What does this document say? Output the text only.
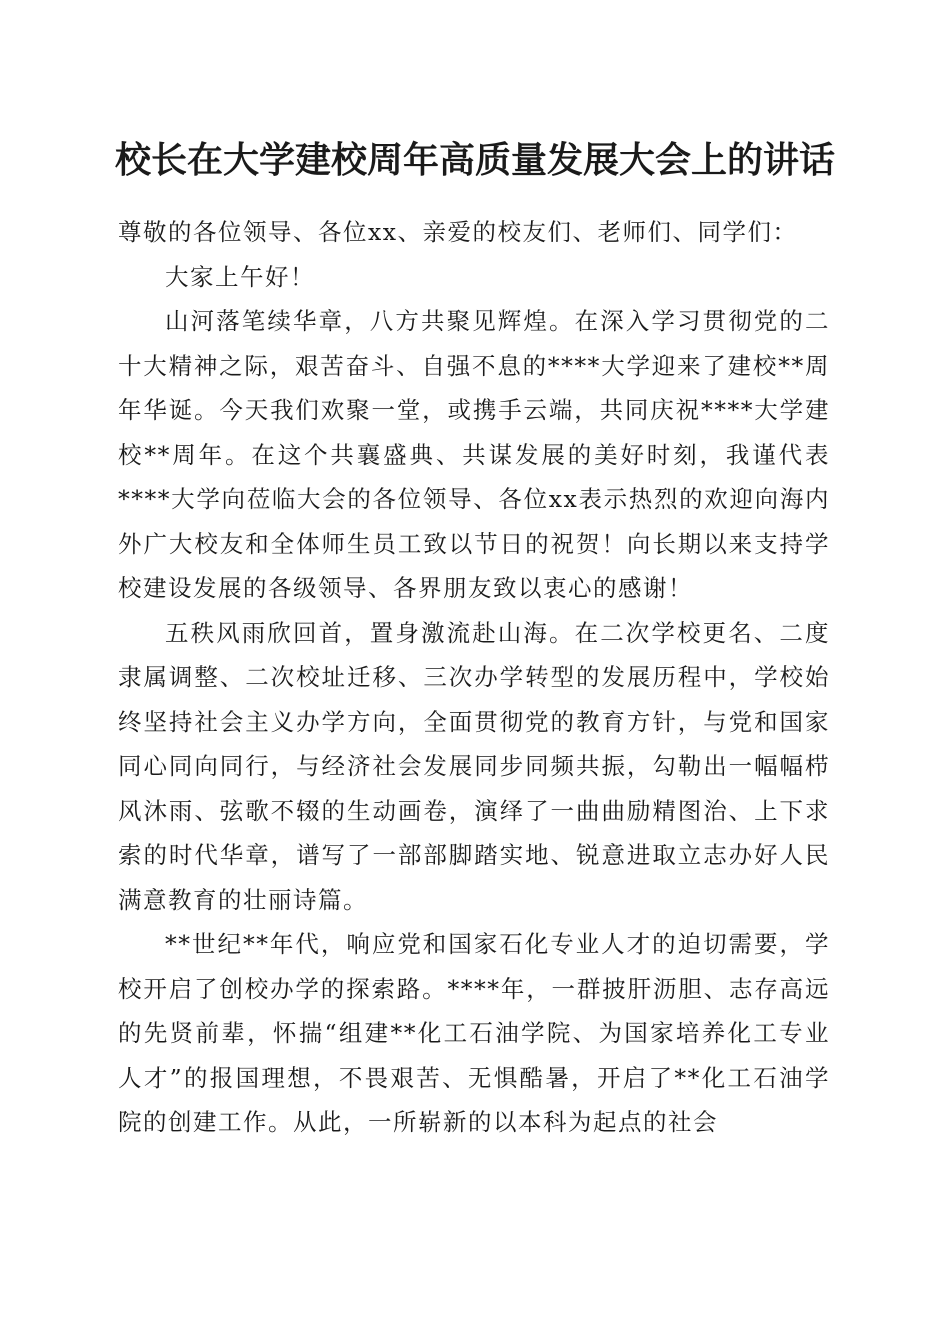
校长在大学建校周年高质量发展大会上的讲话

尊敬的各位领导、各位xx、亲爱的校友们、老师们、同学们：

大家上午好！

山河落笔续华章，八方共聚见辉煌。在深入学习贯彻党的二十大精神之际，艰苦奋斗、自强不息的****大学迎来了建校**周年华诞。今天我们欢聚一堂，或携手云端，共同庆祝****大学建校**周年。在这个共襄盛典、共谋发展的美好时刻，我谨代表****大学向莅临大会的各位领导、各位xx表示热烈的欢迎向海内外广大校友和全体师生员工致以节日的祝贺！向长期以来支持学校建设发展的各级领导、各界朋友致以衷心的感谢！

五秩风雨欣回首，置身激流赴山海。在二次学校更名、二度隶属调整、二次校址迁移、三次办学转型的发展历程中，学校始终坚持社会主义办学方向，全面贯彻党的教育方针，与党和国家同心同向同行，与经济社会发展同步同频共振，勾勒出一幅幅栉风沐雨、弦歌不辍的生动画卷，演绎了一曲曲励精图治、上下求索的时代华章，谱写了一部部脚踏实地、锐意进取立志办好人民满意教育的壮丽诗篇。

**世纪**年代，响应党和国家石化专业人才的迫切需要，学校开启了创校办学的探索路。****年，一群披肝沥胆、志存高远的先贤前辈，怀揣“组建**化工石油学院、为国家培养化工专业人才”的报国理想，不畏艰苦、无惧酷暑，开启了**化工石油学院的创建工作。从此，一所崭新的以本科为起点的社会
